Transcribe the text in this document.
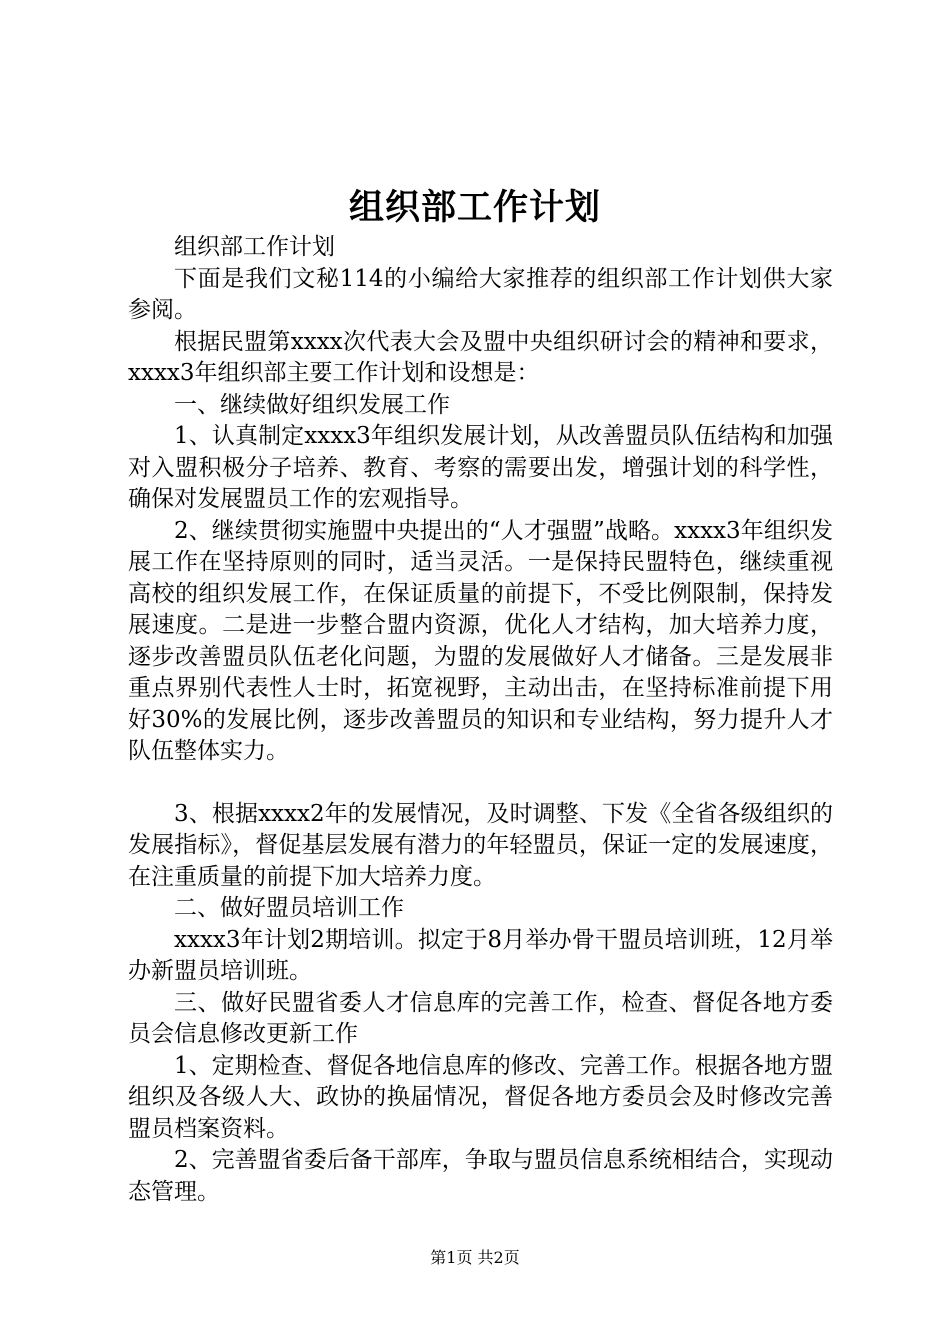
组织部工作计划

组织部工作计划

下面是我们文秘114的小编给大家推荐的组织部工作计划供大家参阅。

根据民盟第xxxx次代表大会及盟中央组织研讨会的精神和要求，xxxx3年组织部主要工作计划和设想是：

一、继续做好组织发展工作

1、认真制定xxxx3年组织发展计划，从改善盟员队伍结构和加强对入盟积极分子培养、教育、考察的需要出发，增强计划的科学性，确保对发展盟员工作的宏观指导。

2、继续贯彻实施盟中央提出的“人才强盟”战略。xxxx3年组织发展工作在坚持原则的同时，适当灵活。一是保持民盟特色，继续重视高校的组织发展工作，在保证质量的前提下，不受比例限制，保持发展速度。二是进一步整合盟内资源，优化人才结构，加大培养力度，逐步改善盟员队伍老化问题，为盟的发展做好人才储备。三是发展非重点界别代表性人士时，拓宽视野，主动出击，在坚持标准前提下用好30%的发展比例，逐步改善盟员的知识和专业结构，努力提升人才队伍整体实力。

3、根据xxxx2年的发展情况，及时调整、下发《全省各级组织的发展指标》，督促基层发展有潜力的年轻盟员，保证一定的发展速度，在注重质量的前提下加大培养力度。

二、做好盟员培训工作

xxxx3年计划2期培训。拟定于8月举办骨干盟员培训班，12月举办新盟员培训班。

三、做好民盟省委人才信息库的完善工作，检查、督促各地方委员会信息修改更新工作

1、定期检查、督促各地信息库的修改、完善工作。根据各地方盟组织及各级人大、政协的换届情况，督促各地方委员会及时修改完善盟员档案资料。

2、完善盟省委后备干部库，争取与盟员信息系统相结合，实现动态管理。

第1页 共2页
